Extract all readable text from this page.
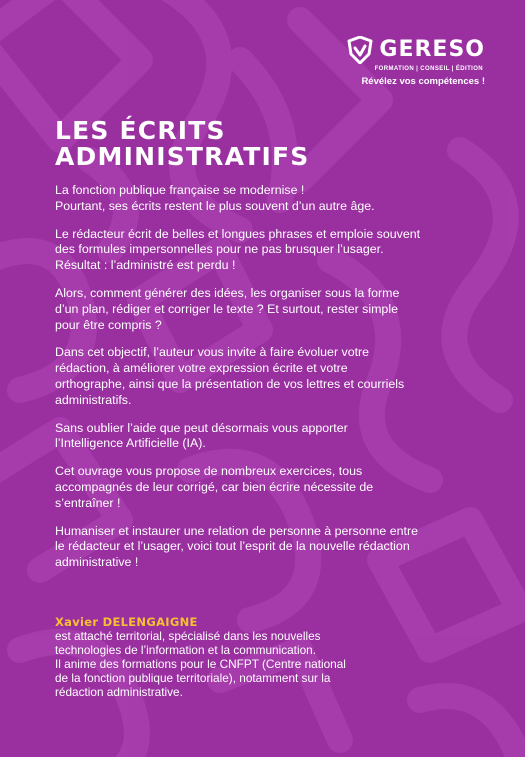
GERESO
FORMATION | CONSEIL | ÉDITION
Révélez vos compétences !
LES ÉCRITS
ADMINISTRATIFS

La fonction publique française se modernise !
Pourtant, ses écrits restent le plus souvent d’un autre âge.

Le rédacteur écrit de belles et longues phrases et emploie souvent
des formules impersonnelles pour ne pas brusquer l’usager.
Résultat : l’administré est perdu !

Alors, comment générer des idées, les organiser sous la forme
d’un plan, rédiger et corriger le texte ? Et surtout, rester simple
pour être compris ?

Dans cet objectif, l’auteur vous invite à faire évoluer votre
rédaction, à améliorer votre expression écrite et votre
orthographe, ainsi que la présentation de vos lettres et courriels
administratifs.

Sans oublier l’aide que peut désormais vous apporter
l’Intelligence Artificielle (IA).

Cet ouvrage vous propose de nombreux exercices, tous
accompagnés de leur corrigé, car bien écrire nécessite de
s’entraîner !

Humaniser et instaurer une relation de personne à personne entre
le rédacteur et l’usager, voici tout l’esprit de la nouvelle rédaction
administrative !

Xavier DELENGAIGNE

est attaché territorial, spécialisé dans les nouvelles
technologies de l’information et la communication.
Il anime des formations pour le CNFPT (Centre national
de la fonction publique territoriale), notamment sur la
rédaction administrative.
